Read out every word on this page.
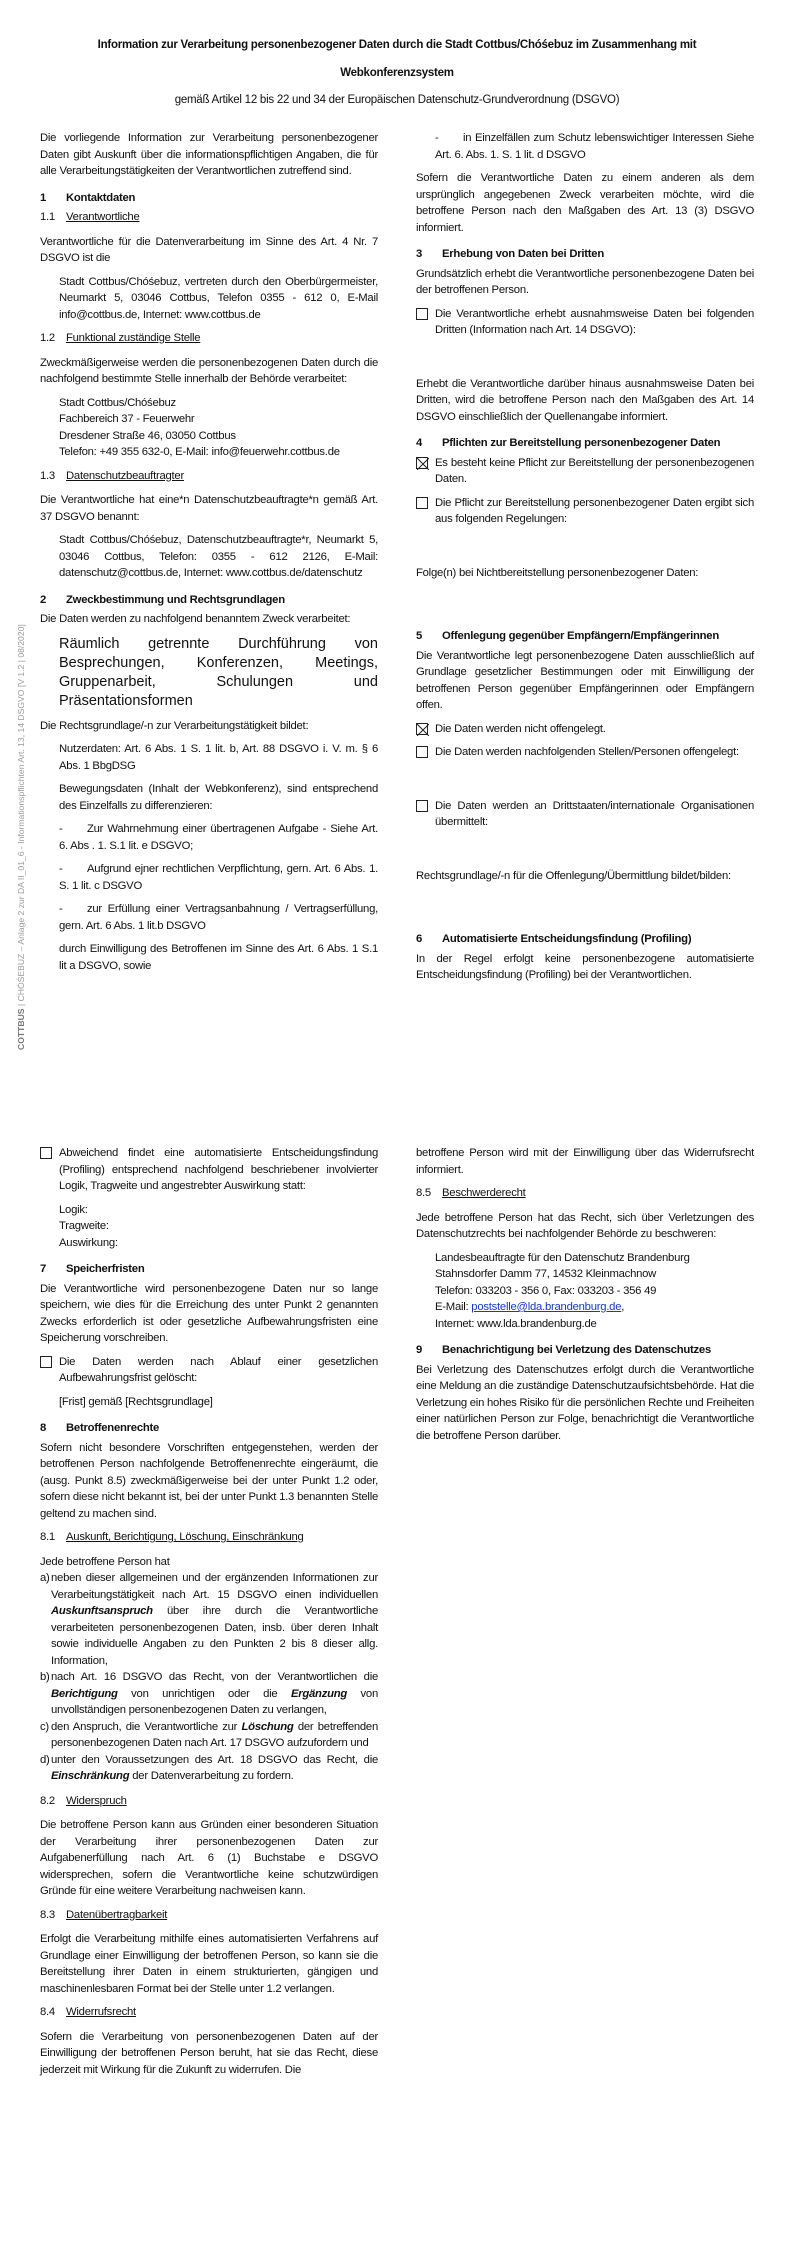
Information zur Verarbeitung personenbezogener Daten durch die Stadt Cottbus/Chóśebuz im Zusammenhang mit
Webkonferenzsystem
gemäß Artikel 12 bis 22 und 34 der Europäischen Datenschutz-Grundverordnung (DSGVO)
COTTBUS | CHÓŚEBUZ – Anlage 2 zur DA II_01_6 - Informationspflichten Art. 13, 14 DSGVO [V 1.2 | 08/2020]

Die vorliegende Information zur Verarbeitung personenbezogener Daten gibt Auskunft über die informationspflichtigen Angaben, die für alle Verarbeitungstätigkeiten der Verantwortlichen zutreffend sind.

1 Kontaktdaten
1.1 Verantwortliche

Verantwortliche für die Datenverarbeitung im Sinne des Art. 4 Nr. 7 DSGVO ist die

Stadt Cottbus/Chóśebuz, vertreten durch den Oberbürgermeister, Neumarkt 5, 03046 Cottbus, Telefon 0355 - 612 0, E-Mail info@cottbus.de, Internet: www.cottbus.de

1.2 Funktional zuständige Stelle

Zweckmäßigerweise werden die personenbezogenen Daten durch die nachfolgend bestimmte Stelle innerhalb der Behörde verarbeitet:

Stadt Cottbus/Chóśebuz
Fachbereich 37 - Feuerwehr
Dresdener Straße 46, 03050 Cottbus
Telefon: +49 355 632-0, E-Mail: info@feuerwehr.cottbus.de
1.3 Datenschutzbeauftragter

Die Verantwortliche hat eine*n Datenschutzbeauftragte*n gemäß Art. 37 DSGVO benannt:

Stadt Cottbus/Chóśebuz, Datenschutzbeauftragte*r, Neumarkt 5, 03046 Cottbus, Telefon: 0355 - 612 2126, E-Mail: datenschutz@cottbus.de, Internet: www.cottbus.de/datenschutz

2 Zweckbestimmung und Rechtsgrundlagen

Die Daten werden zu nachfolgend benanntem Zweck verarbeitet:

Räumlich getrennte Durchführung von Besprechungen, Konferenzen, Meetings, Gruppenarbeit, Schulungen und Präsentationsformen

Die Rechtsgrundlage/-n zur Verarbeitungstätigkeit bildet:

Nutzerdaten: Art. 6 Abs. 1 S. 1 lit. b, Art. 88 DSGVO i. V. m. § 6 Abs. 1 BbgDSG

Bewegungsdaten (Inhalt der Webkonferenz), sind entsprechend des Einzelfalls zu differenzieren:

- Zur Wahrnehmung einer übertragenen Aufgabe - Siehe Art. 6. Abs . 1. S.1 lit. e DSGVO;

- Aufgrund ejner rechtlichen Verpflichtung, gern. Art. 6 Abs. 1. S. 1 lit. c DSGVO

- zur Erfüllung einer Vertragsanbahnung / Vertragserfüllung, gern. Art. 6 Abs. 1 lit.b DSGVO

durch Einwilligung des Betroffenen im Sinne des Art. 6 Abs. 1 S.1 lit a DSGVO, sowie

- in Einzelfällen zum Schutz lebenswichtiger Interessen Siehe Art. 6. Abs. 1. S. 1 lit. d DSGVO

Sofern die Verantwortliche Daten zu einem anderen als dem ursprünglich angegebenen Zweck verarbeiten möchte, wird die betroffene Person nach den Maßgaben des Art. 13 (3) DSGVO informiert.

3 Erhebung von Daten bei Dritten

Grundsätzlich erhebt die Verantwortliche personenbezogene Daten bei der betroffenen Person.

Die Verantwortliche erhebt ausnahmsweise Daten bei folgenden Dritten (Information nach Art. 14 DSGVO):

Erhebt die Verantwortliche darüber hinaus ausnahmsweise Daten bei Dritten, wird die betroffene Person nach den Maßgaben des Art. 14 DSGVO einschließlich der Quellenangabe informiert.

4 Pflichten zur Bereitstellung personenbezogener Daten
Es besteht keine Pflicht zur Bereitstellung der personenbezogenen Daten.
Die Pflicht zur Bereitstellung personenbezogener Daten ergibt sich aus folgenden Regelungen:

Folge(n) bei Nichtbereitstellung personenbezogener Daten:

5 Offenlegung gegenüber Empfängern/Empfängerinnen

Die Verantwortliche legt personenbezogene Daten ausschließlich auf Grundlage gesetzlicher Bestimmungen oder mit Einwilligung der betroffenen Person gegenüber Empfängerinnen oder Empfängern offen.

Die Daten werden nicht offengelegt.
Die Daten werden nachfolgenden Stellen/Personen offengelegt:
Die Daten werden an Drittstaaten/internationale Organisationen übermittelt:

Rechtsgrundlage/-n für die Offenlegung/Übermittlung bildet/bilden:

6 Automatisierte Entscheidungsfindung (Profiling)

In der Regel erfolgt keine personenbezogene automatisierte Entscheidungsfindung (Profiling) bei der Verantwortlichen.

Abweichend findet eine automatisierte Entscheidungsfindung (Profiling) entsprechend nachfolgend beschriebener involvierter Logik, Tragweite und angestrebter Auswirkung statt:
Logik:
Tragweite:
Auswirkung:
7 Speicherfristen

Die Verantwortliche wird personenbezogene Daten nur so lange speichern, wie dies für die Erreichung des unter Punkt 2 genannten Zwecks erforderlich ist oder gesetzliche Aufbewahrungsfristen eine Speicherung vorschreiben.

Die Daten werden nach Ablauf einer gesetzlichen Aufbewahrungsfrist gelöscht:

[Frist] gemäß [Rechtsgrundlage]

8 Betroffenenrechte

Sofern nicht besondere Vorschriften entgegenstehen, werden der betroffenen Person nachfolgende Betroffenenrechte eingeräumt, die (ausg. Punkt 8.5) zweckmäßigerweise bei der unter Punkt 1.2 oder, sofern diese nicht bekannt ist, bei der unter Punkt 1.3 benannten Stelle geltend zu machen sind.

8.1 Auskunft, Berichtigung, Löschung, Einschränkung
Jede betroffene Person hat
a) neben dieser allgemeinen und der ergänzenden Informationen zur Verarbeitungstätigkeit nach Art. 15 DSGVO einen individuellen Auskunftsanspruch über ihre durch die Verantwortliche verarbeiteten personenbezogenen Daten, insb. über deren Inhalt sowie individuelle Angaben zu den Punkten 2 bis 8 dieser allg. Information,
b) nach Art. 16 DSGVO das Recht, von der Verantwortlichen die Berichtigung von unrichtigen oder die Ergänzung von unvollständigen personenbezogenen Daten zu verlangen,
c) den Anspruch, die Verantwortliche zur Löschung der betreffenden personenbezogenen Daten nach Art. 17 DSGVO aufzufordern und
d) unter den Voraussetzungen des Art. 18 DSGVO das Recht, die Einschränkung der Datenverarbeitung zu fordern.
8.2 Widerspruch

Die betroffene Person kann aus Gründen einer besonderen Situation der Verarbeitung ihrer personenbezogenen Daten zur Aufgabenerfüllung nach Art. 6 (1) Buchstabe e DSGVO widersprechen, sofern die Verantwortliche keine schutzwürdigen Gründe für eine weitere Verarbeitung nachweisen kann.

8.3 Datenübertragbarkeit

Erfolgt die Verarbeitung mithilfe eines automatisierten Verfahrens auf Grundlage einer Einwilligung der betroffenen Person, so kann sie die Bereitstellung ihrer Daten in einem strukturierten, gängigen und maschinenlesbaren Format bei der Stelle unter 1.2 verlangen.

8.4 Widerrufsrecht

Sofern die Verarbeitung von personenbezogenen Daten auf der Einwilligung der betroffenen Person beruht, hat sie das Recht, diese jederzeit mit Wirkung für die Zukunft zu widerrufen. Die

betroffene Person wird mit der Einwilligung über das Widerrufsrecht informiert.

8.5 Beschwerderecht

Jede betroffene Person hat das Recht, sich über Verletzungen des Datenschutzrechts bei nachfolgender Behörde zu beschweren:

Landesbeauftragte für den Datenschutz Brandenburg
Stahnsdorfer Damm 77, 14532 Kleinmachnow
Telefon: 033203 - 356 0, Fax: 033203 - 356 49
E-Mail: poststelle@lda.brandenburg.de,
Internet: www.lda.brandenburg.de
9 Benachrichtigung bei Verletzung des Datenschutzes

Bei Verletzung des Datenschutzes erfolgt durch die Verantwortliche eine Meldung an die zuständige Datenschutzaufsichtsbehörde. Hat die Verletzung ein hohes Risiko für die persönlichen Rechte und Freiheiten einer natürlichen Person zur Folge, benachrichtigt die Verantwortliche die betroffene Person darüber.
